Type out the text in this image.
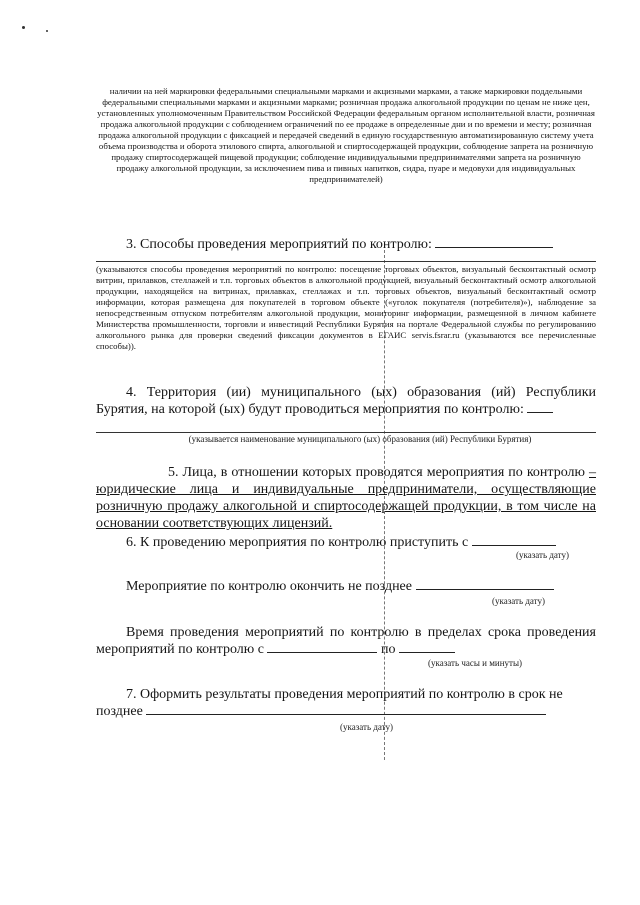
наличии на ней маркировки федеральными специальными марками и акцизными марками, а также маркировки поддельными федеральными специальными марками и акцизными марками; розничная продажа алкогольной продукции по ценам не ниже цен, установленных уполномоченным Правительством Российской Федерации федеральным органом исполнительной власти, розничная продажа алкогольной продукции с соблюдением ограничений по ее продаже в определенные дни и по времени и месту; розничная продажа алкогольной продукции с фиксацией и передачей сведений в единую государственную автоматизированную систему учета объема производства и оборота этилового спирта, алкогольной и спиртосодержащей продукции, соблюдение запрета на розничную продажу спиртосодержащей пищевой продукции; соблюдение индивидуальными предпринимателями запрета на розничную продажу алкогольной продукции, за исключением пива и пивных напитков, сидра, пуаре и медовухи для индивидуальных предпринимателей)
3. Способы проведения мероприятий по контролю:
(указываются способы проведения мероприятий по контролю: посещение торговых объектов, визуальный бесконтактный осмотр витрин, прилавков, стеллажей и т.п. торговых объектов в алкогольной продукцией, визуальный бесконтактный осмотр алкогольной продукции, находящейся на витринах, прилавках, стеллажах и т.п. торговых объектов, визуальный бесконтактный осмотр информации, которая размещена для покупателей в торговом объекте («уголок покупателя (потребителя)»), наблюдение за непосредственным отпуском потребителям алкогольной продукции, мониторинг информации, размещенной в личном кабинете Министерства промышленности, торговли и инвестиций Республики Бурятия на портале Федеральной службы по регулированию алкогольного рынка для проверки сведений фиксации документов в ЕГАИС servis.fsrar.ru (указываются все перечисленные способы)).
4. Территория (ии) муниципального (ых) образования (ий) Республики Бурятия, на которой (ых) будут проводиться мероприятия по контролю:
(указывается наименование муниципального (ых) образования (ий) Республики Бурятия)
5. Лица, в отношении которых проводятся мероприятия по контролю – юридические лица и индивидуальные предприниматели, осуществляющие розничную продажу алкогольной и спиртосодержащей продукции, в том числе на основании соответствующих лицензий.
6. К проведению мероприятия по контролю приступить с
(указать дату)
Мероприятие по контролю окончить не позднее
(указать дату)
Время проведения мероприятий по контролю в пределах срока проведения мероприятий по контролю с	по
(указать часы и минуты)
7. Оформить результаты проведения мероприятий по контролю в срок не позднее
(указать дату)
